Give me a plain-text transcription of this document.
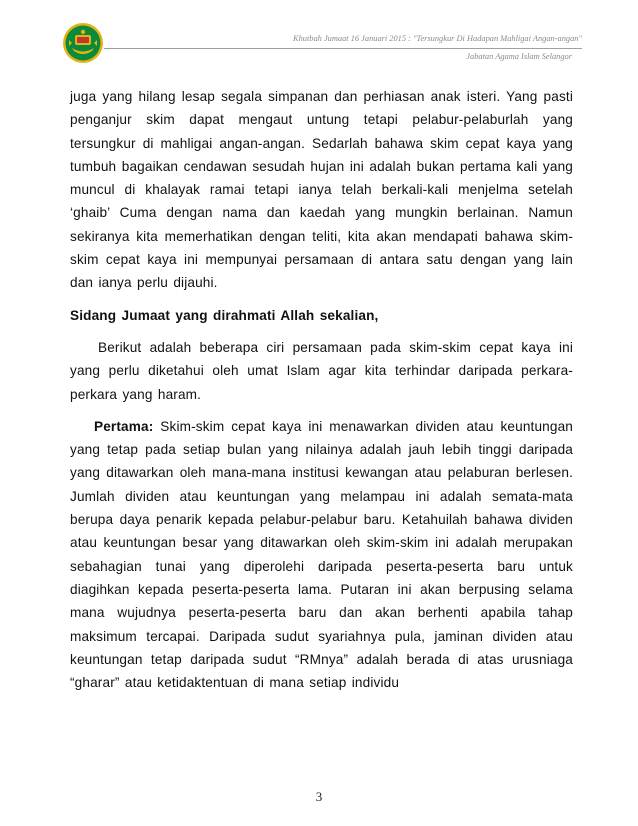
Khutbah Jumaat 16 Januari 2015 : "Tersungkur Di Hadapan Mahligai Angan-angan"
Jabatan Agama Islam Selangor

juga yang hilang lesap segala simpanan dan perhiasan anak isteri. Yang pasti penganjur skim dapat mengaut untung tetapi pelabur-pelaburlah yang tersungkur di mahligai angan-angan. Sedarlah bahawa skim cepat kaya yang tumbuh bagaikan cendawan sesudah hujan ini adalah bukan pertama kali yang muncul di khalayak ramai tetapi ianya telah berkali-kali menjelma setelah ‘ghaib’ Cuma dengan nama dan kaedah yang mungkin berlainan. Namun sekiranya kita memerhatikan dengan teliti, kita akan mendapati bahawa skim-skim cepat kaya ini mempunyai persamaan di antara satu dengan yang lain dan ianya perlu dijauhi.

Sidang Jumaat yang dirahmati Allah sekalian,

Berikut adalah beberapa ciri persamaan pada skim-skim cepat kaya ini yang perlu diketahui oleh umat Islam agar kita terhindar daripada perkara-perkara yang haram.

Pertama: Skim-skim cepat kaya ini menawarkan dividen atau keuntungan yang tetap pada setiap bulan yang nilainya adalah jauh lebih tinggi daripada yang ditawarkan oleh mana-mana institusi kewangan atau pelaburan berlesen. Jumlah dividen atau keuntungan yang melampau ini adalah semata-mata berupa daya penarik kepada pelabur-pelabur baru. Ketahuilah bahawa dividen atau keuntungan besar yang ditawarkan oleh skim-skim ini adalah merupakan sebahagian tunai yang diperolehi daripada peserta-peserta baru untuk diagihkan kepada peserta-peserta lama. Putaran ini akan berpusing selama mana wujudnya peserta-peserta baru dan akan berhenti apabila tahap maksimum tercapai. Daripada sudut syariahnya pula, jaminan dividen atau keuntungan tetap daripada sudut “RMnya” adalah berada di atas urusniaga “gharar” atau ketidaktentuan di mana setiap individu

3
